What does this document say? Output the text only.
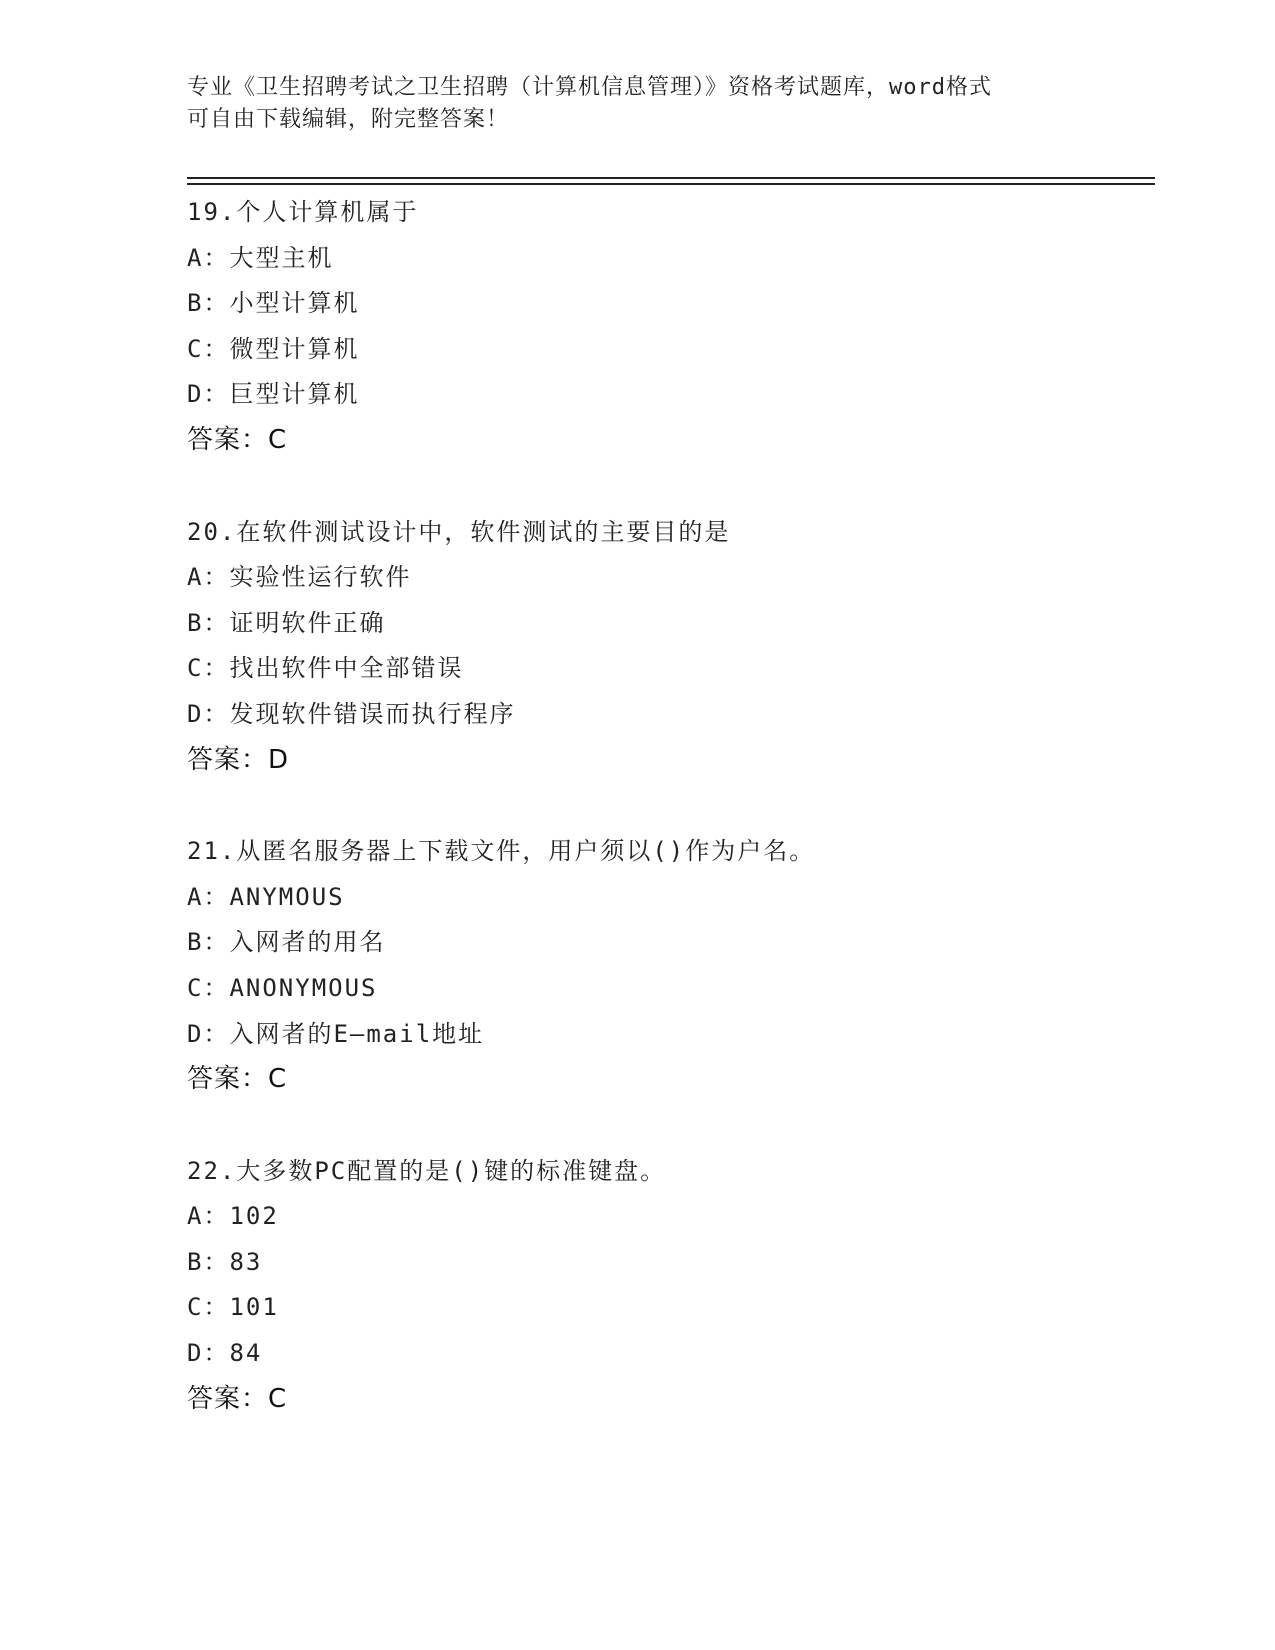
专业《卫生招聘考试之卫生招聘（计算机信息管理）》资格考试题库，word格式
可自由下载编辑，附完整答案！
19.个人计算机属于
A：大型主机
B：小型计算机
C：微型计算机
D：巨型计算机
答案：C
20.在软件测试设计中，软件测试的主要目的是
A：实验性运行软件
B：证明软件正确
C：找出软件中全部错误
D：发现软件错误而执行程序
答案：D
21.从匿名服务器上下载文件，用户须以()作为户名。
A：ANYMOUS
B：入网者的用名
C：ANONYMOUS
D：入网者的E—mail地址
答案：C
22.大多数PC配置的是()键的标准键盘。
A：102
B：83
C：101
D：84
答案：C
